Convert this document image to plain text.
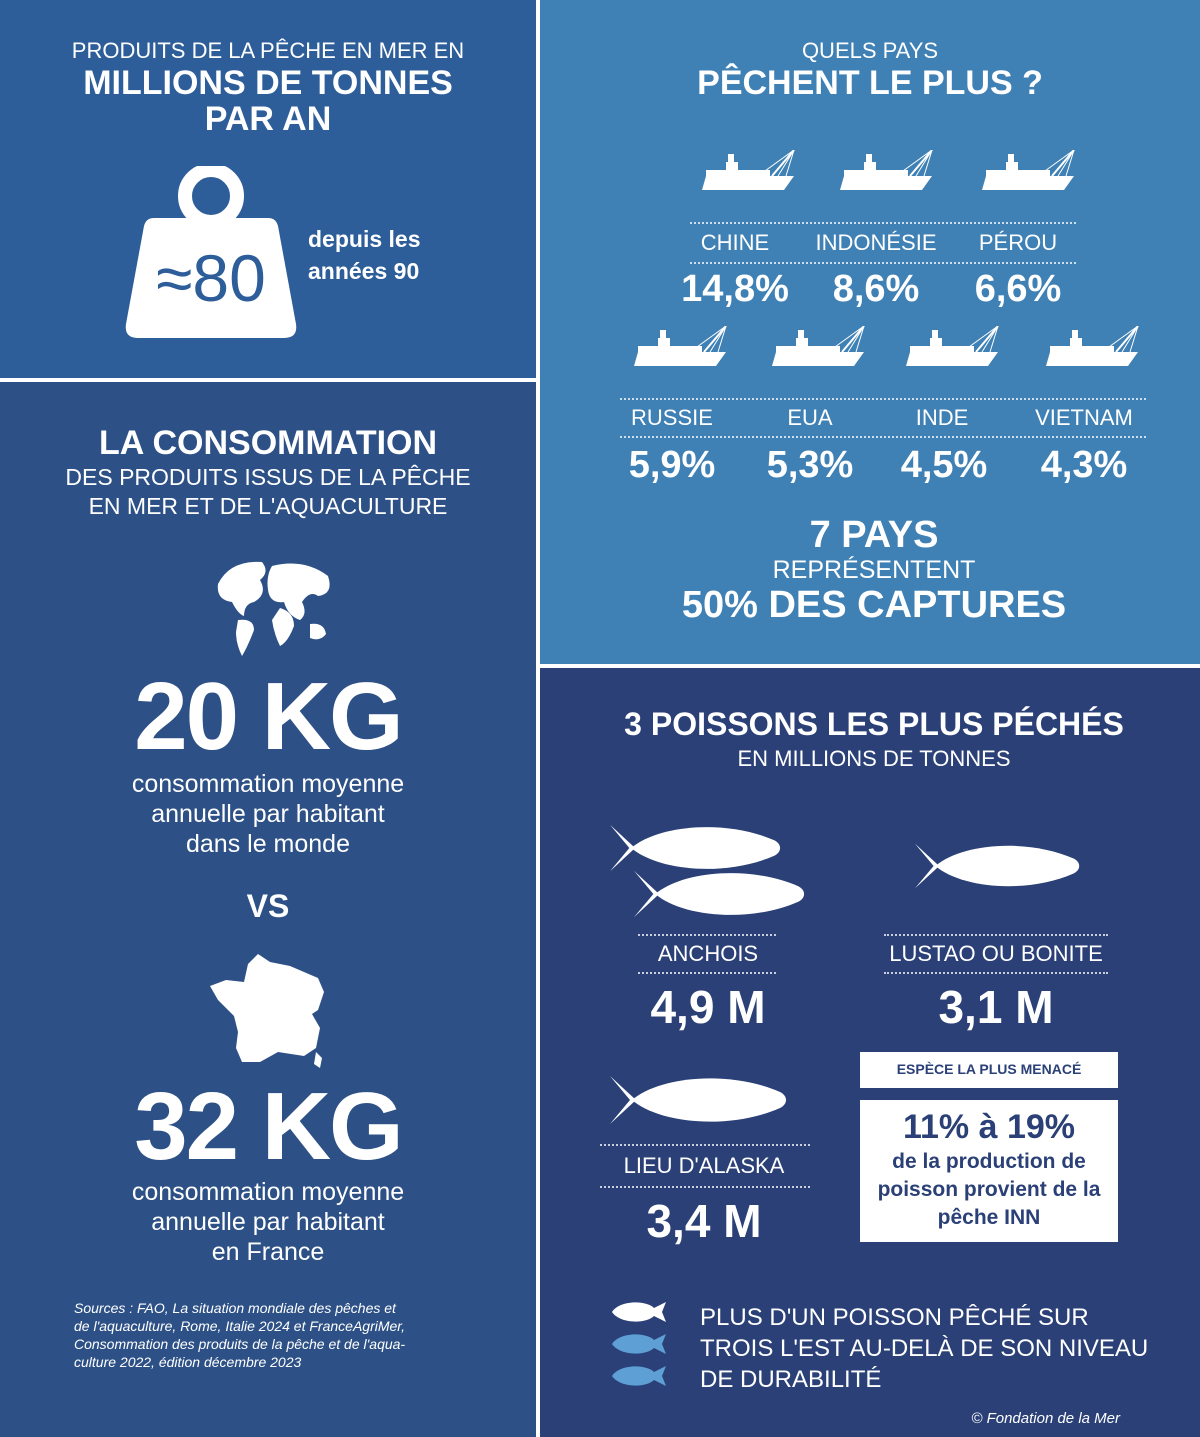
PRODUITS DE LA PÊCHE EN MER EN
MILLIONS DE TONNES
PAR AN
≈80
depuis les
années 90
QUELS PAYS
PÊCHENT LE PLUS ?
CHINE	INDONÉSIE	PÉROU
14,8%	8,6%	6,6%
RUSSIE	EUA	INDE	VIETNAM
5,9%	5,3%	4,5%	4,3%
7 PAYS
REPRÉSENTENT
50% DES CAPTURES
LA CONSOMMATION
DES PRODUITS ISSUS DE LA PÊCHE
EN MER ET DE L'AQUACULTURE
20 KG
consommation moyenne
annuelle par habitant
dans le monde
VS
32 KG
consommation moyenne
annuelle par habitant
en France
Sources : FAO, La situation mondiale des pêches et
de l'aquaculture, Rome, Italie 2024 et FranceAgriMer,
Consommation des produits de la pêche et de l'aqua-
culture 2022, édition décembre 2023
3 POISSONS LES PLUS PÉCHÉS
EN MILLIONS DE TONNES
ANCHOIS
4,9 M
LUSTAO OU BONITE
3,1 M
ESPÈCE LA PLUS MENACÉ
11% à 19%
de la production de
poisson provient de la
pêche INN
LIEU D'ALASKA
3,4 M
PLUS D'UN POISSON PÊCHÉ SUR
TROIS L'EST AU-DELÀ DE SON NIVEAU
DE DURABILITÉ
© Fondation de la Mer
